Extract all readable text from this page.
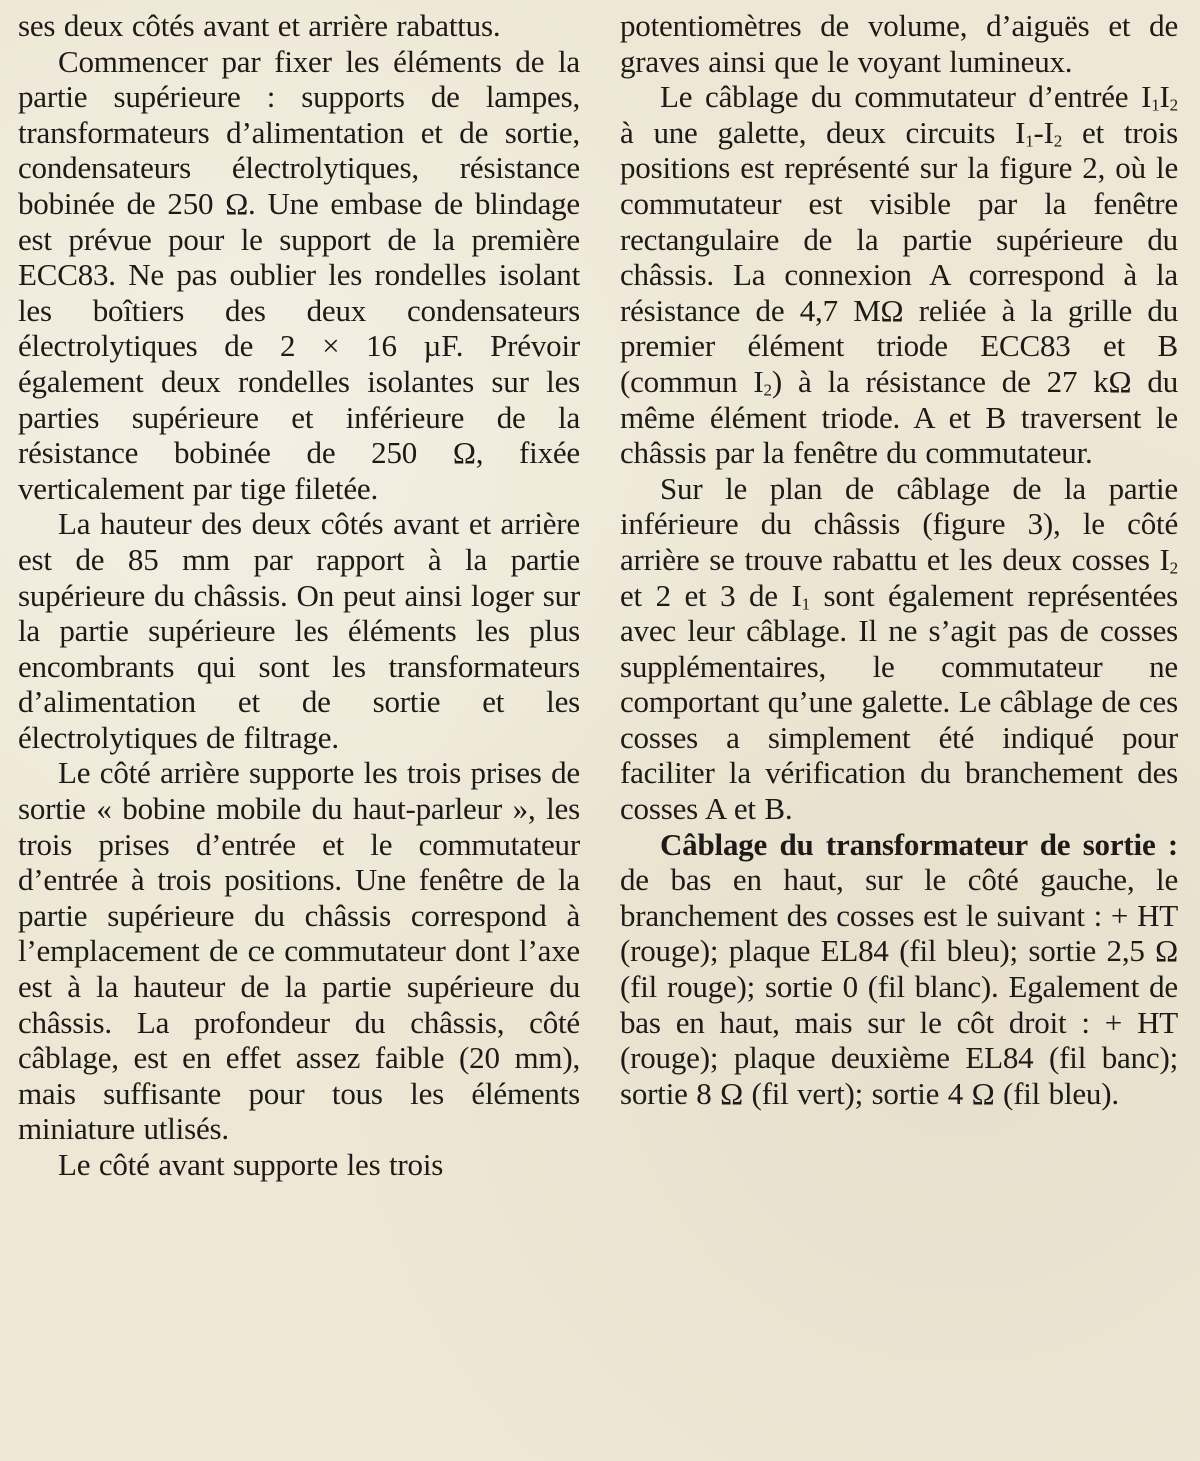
ses deux côtés avant et arrière rabattus.

Commencer par fixer les éléments de la partie supérieure : supports de lampes, transformateurs d’alimentation et de sortie, condensateurs électrolytiques, résistance bobinée de 250 Ω. Une embase de blindage est prévue pour le support de la première ECC83. Ne pas oublier les rondelles isolant les boîtiers des deux condensateurs électrolytiques de 2 × 16 µF. Prévoir également deux rondelles isolantes sur les parties supérieure et inférieure de la résistance bobinée de 250 Ω, fixée verticalement par tige filetée.

La hauteur des deux côtés avant et arrière est de 85 mm par rapport à la partie supérieure du châssis. On peut ainsi loger sur la partie supérieure les éléments les plus encombrants qui sont les transformateurs d’alimentation et de sortie et les électrolytiques de filtrage.

Le côté arrière supporte les trois prises de sortie « bobine mobile du haut-parleur », les trois prises d’entrée et le commutateur d’entrée à trois positions. Une fenêtre de la partie supérieure du châssis correspond à l’emplacement de ce commutateur dont l’axe est à la hauteur de la partie supérieure du châssis. La profondeur du châssis, côté câblage, est en effet assez faible (20 mm), mais suffisante pour tous les éléments miniature utlisés.

Le côté avant supporte les trois

potentiomètres de volume, d’aiguës et de graves ainsi que le voyant lumineux.

Le câblage du commutateur d’entrée $I_1I_2$ à une galette, deux circuits $I_1-I_2$ et trois positions est représenté sur la figure 2, où le commutateur est visible par la fenêtre rectangulaire de la partie supérieure du châssis. La connexion A correspond à la résistance de 4,7 MΩ reliée à la grille du premier élément triode ECC83 et B (commun $I_2$) à la résistance de 27 kΩ du même élément triode. A et B traversent le châssis par la fenêtre du commutateur.

Sur le plan de câblage de la partie inférieure du châssis (figure 3), le côté arrière se trouve rabattu et les deux cosses $I_2$ et 2 et 3 de $I_1$ sont également représentées avec leur câblage. Il ne s’agit pas de cosses supplémentaires, le commutateur ne comportant qu’une galette. Le câblage de ces cosses a simplement été indiqué pour faciliter la vérification du branchement des cosses A et B.

Câblage du transformateur de sortie : de bas en haut, sur le côté gauche, le branchement des cosses est le suivant : + HT (rouge); plaque EL84 (fil bleu); sortie 2,5 Ω (fil rouge); sortie 0 (fil blanc). Egalement de bas en haut, mais sur le côt droit : + HT (rouge); plaque deuxième EL84 (fil banc); sortie 8 Ω (fil vert); sortie 4 Ω (fil bleu).
